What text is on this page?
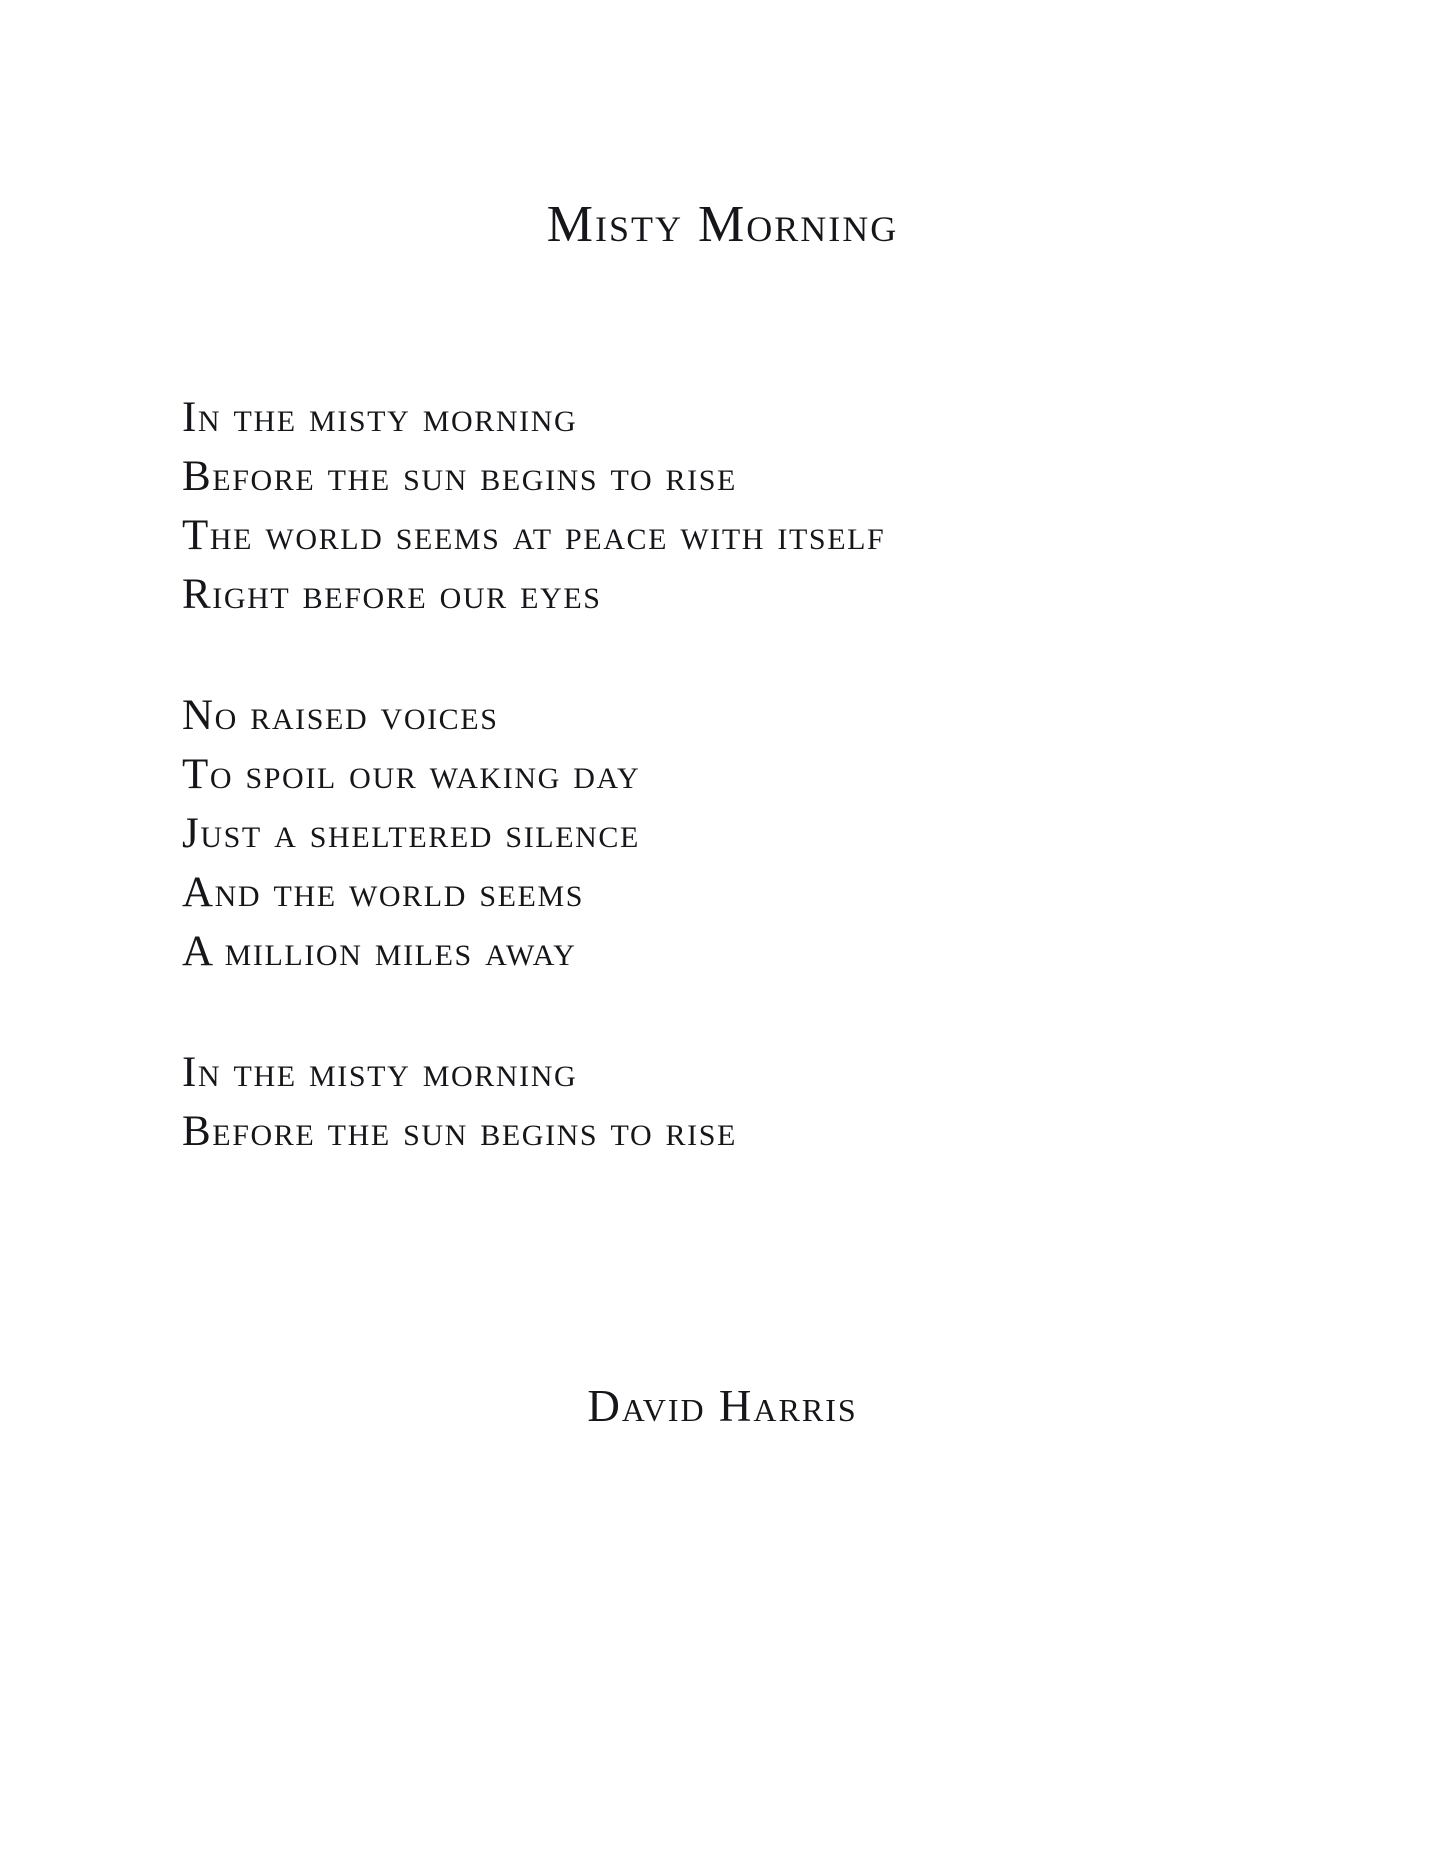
Misty Morning
In the misty morning
Before the sun begins to rise
The world seems at peace with itself
Right before our eyes
No raised voices
To spoil our waking day
Just a sheltered silence
And the world seems
A million miles away
In the misty morning
Before the sun begins to rise
David Harris
